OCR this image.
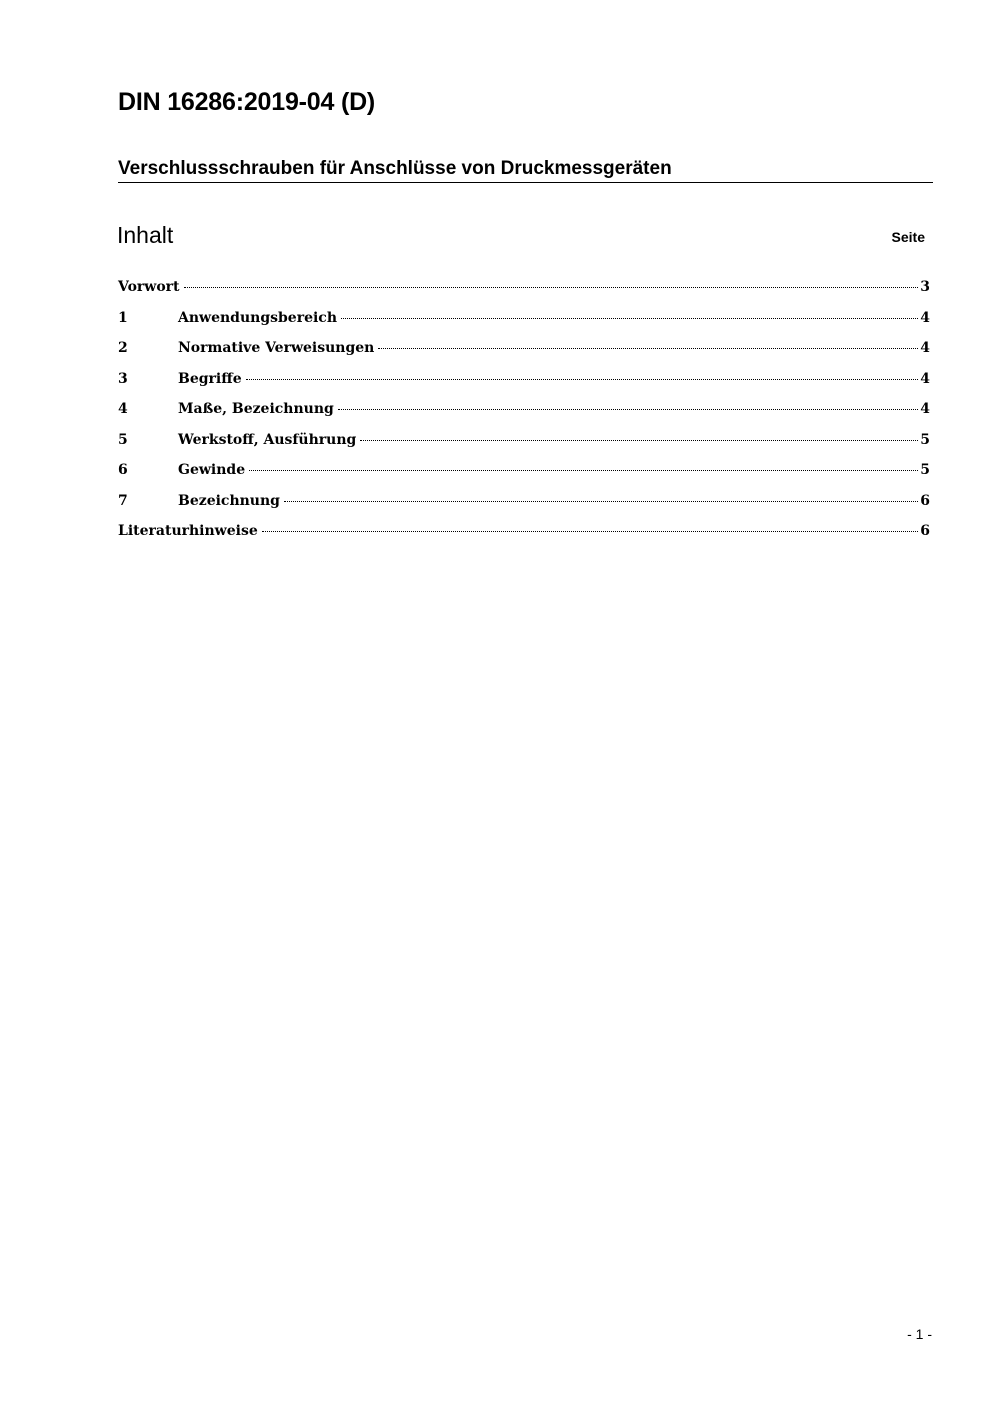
DIN 16286:2019-04 (D)
Verschlussschrauben für Anschlüsse von Druckmessgeräten
Inhalt	Seite
Vorwort	3
1	Anwendungsbereich	4
2	Normative Verweisungen	4
3	Begriffe	4
4	Maße, Bezeichnung	4
5	Werkstoff, Ausführung	5
6	Gewinde	5
7	Bezeichnung	6
Literaturhinweise	6
- 1 -
